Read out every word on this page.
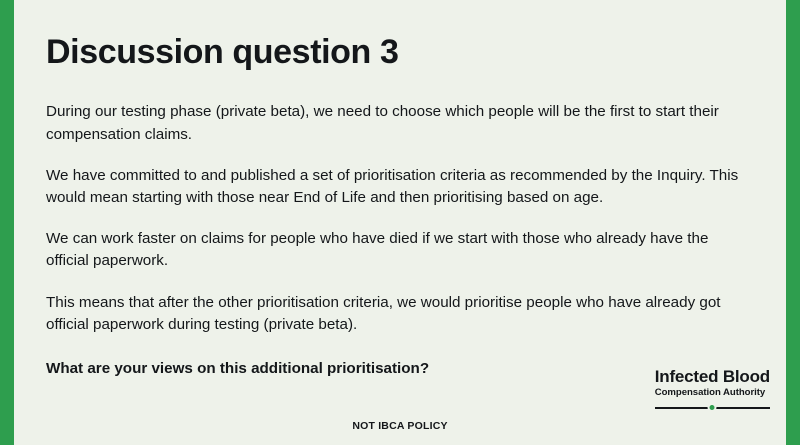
Discussion question 3

During our testing phase (private beta), we need to choose which people will be the first to start their compensation claims.

We have committed to and published a set of prioritisation criteria as recommended by the Inquiry. This would mean starting with those near End of Life and then prioritising based on age.

We can work faster on claims for people who have died if we start with those who already have the official paperwork.

This means that after the other prioritisation criteria, we would prioritise people who have already got official paperwork during testing (private beta).

What are your views on this additional prioritisation?	Infected Blood
Compensation Authority
NOT IBCA POLICY
